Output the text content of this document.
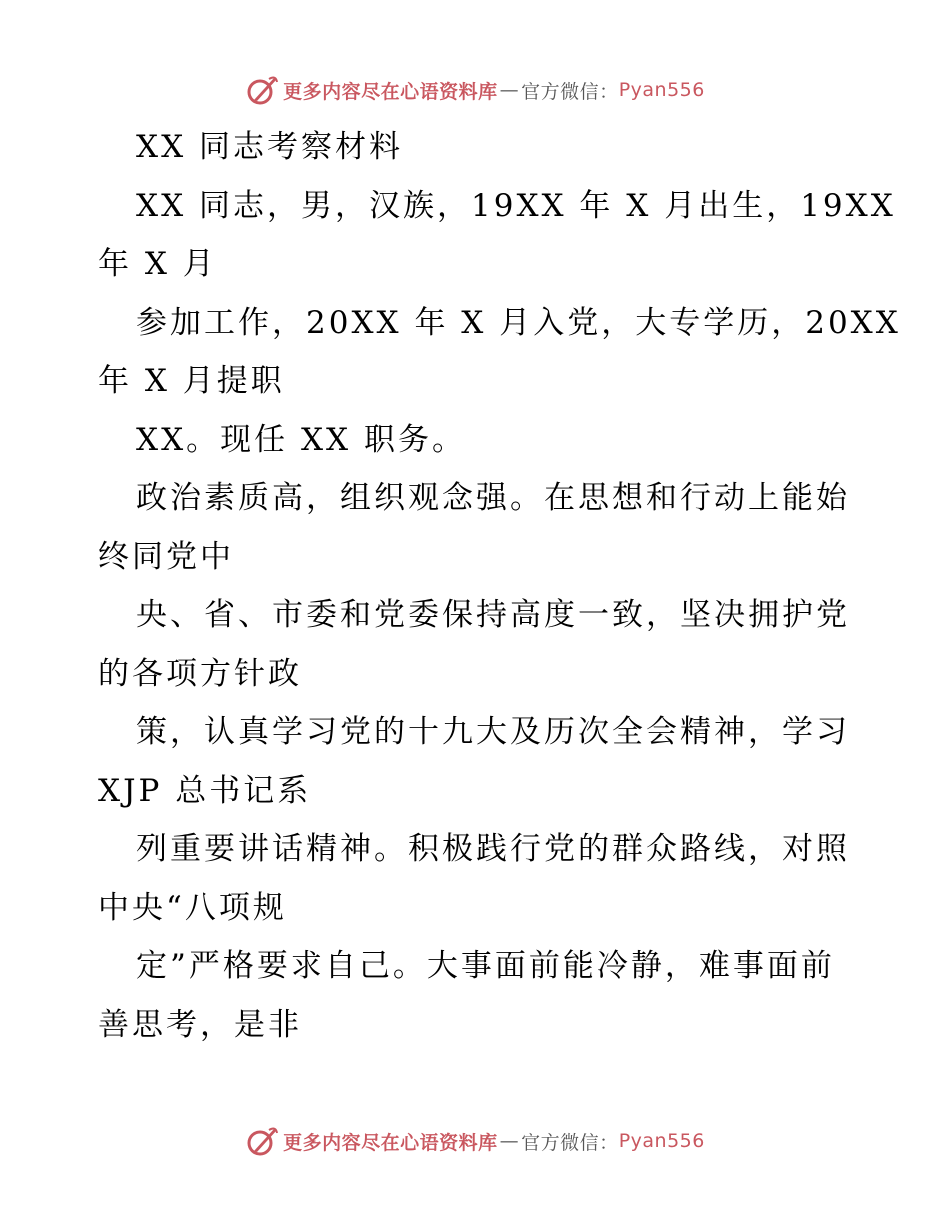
更多内容尽在心语资料库 — 官方微信： Pyan556
XX 同志考察材料
XX 同志，男，汉族，19XX 年 X 月出生，19XX
年 X 月
参加工作，20XX 年 X 月入党，大专学历，20XX
年 X 月提职
XX。现任 XX 职务。
政治素质高，组织观念强。在思想和行动上能始
终同党中
央、省、市委和党委保持高度一致，坚决拥护党
的各项方针政
策，认真学习党的十九大及历次全会精神，学习
XJP 总书记系
列重要讲话精神。积极践行党的群众路线，对照
中央“八项规
定”严格要求自己。大事面前能冷静，难事面前
善思考，是非
更多内容尽在心语资料库 — 官方微信： Pyan556
